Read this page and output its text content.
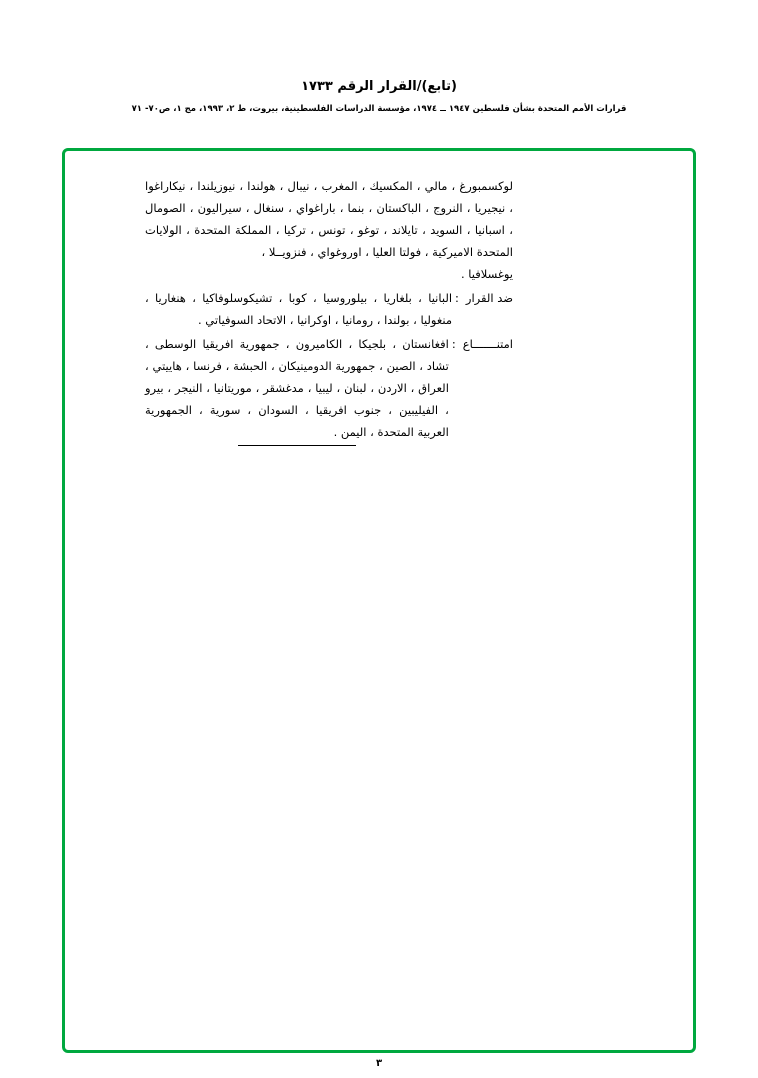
(تابع)/القرار الرقم ١٧٣٣
قرارات الأمم المتحدة بشأن فلسطين ١٩٤٧ ــ ١٩٧٤، مؤسسة الدراسات الفلسطينية، بيروت، ط ٢، ١٩٩٣، مج ١، ص٧٠- ٧١
لوكسمبورغ ، مالي ، المكسيك ، المغرب ، نيبال ، هولندا ، نيوزيلندا ، نيكاراغوا ، نيجيريا ، النروج ، الباكستان ، بنما ، باراغواي ، سنغال ، سيراليون ، الصومال ، اسبانيا ، السويد ، تايلاند ، توغو ، تونس ، تركيا ، المملكة المتحدة ، الولايات المتحدة الاميركية ، فولتا العليا ، اوروغواي ، فنزويــلا ،
يوغسلافيا .
ضد القرار
:
البانيا ، بلغاريا ، بيلوروسيا ، كوبا ، تشيكوسلوفاكيا ، هنغاريا ، منغوليا ، بولندا ، رومانيا ، اوكرانيا ، الاتحاد السوفياتي .
امتنـــــــاع
:
افغانستان ، بلجيكا ، الكاميرون ، جمهورية افريقيا الوسطى ، تشاد ، الصين ، جمهورية الدومينيكان ، الحبشة ، فرنسا ، هاييتي ، العراق ، الاردن ، لبنان ، ليبيا ، مدغشقر ، موريتانيا ، النيجر ، بيرو ، الفيليبين ، جنوب افريقيا ، السودان ، سورية ، الجمهورية العربية المتحدة ، اليمن .
٣
